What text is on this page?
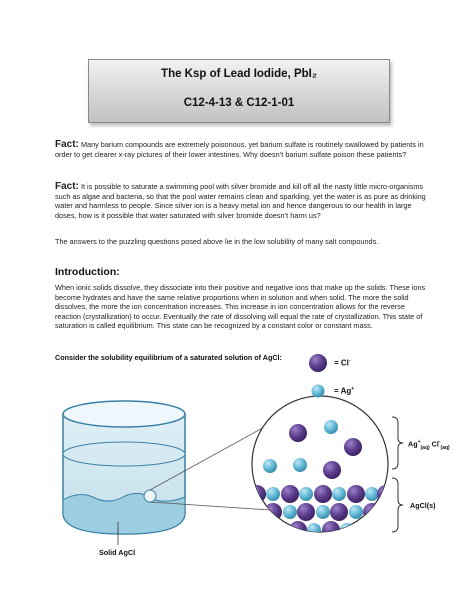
The Ksp of Lead Iodide, PbI₂
C12-4-13 & C12-1-01
Fact: Many barium compounds are extremely poisonous, yet barium sulfate is routinely swallowed by patients in order to get clearer x-ray pictures of their lower intestines. Why doesn’t barium sulfate poison these patients?
Fact: It is possible to saturate a swimming pool with silver bromide and kill off all the nasty little micro-organisms such as algae and bacteria, so that the pool water remains clean and sparkling, yet the water is as pure as drinking water and harmless to people. Since silver ion is a heavy metal ion and hence dangerous to our health in large doses, how is it possible that water saturated with silver bromide doesn’t harm us?
The answers to the puzzling questions posed above lie in the low solubility of many salt compounds.
Introduction:
When ionic solids dissolve, they dissociate into their positive and negative ions that make up the solids. These ions become hydrates and have the same relative proportions when in solution and when solid. The more the solid dissolves, the more the ion concentration increases. This increase in ion concentration allows for the reverse reaction (crystallization) to occur. Eventually the rate of dissolving will equal the rate of crystallization. This state of saturation is called equilibrium. This state can be recognized by a constant color or constant mass.
Consider the solubility equilibrium of a saturated solution of AgCl:
= Cl-
= Ag+
$Ag^+_{(aq)}$ $Cl^-_{(aq)}$
AgCl(s)
Solid AgCl
